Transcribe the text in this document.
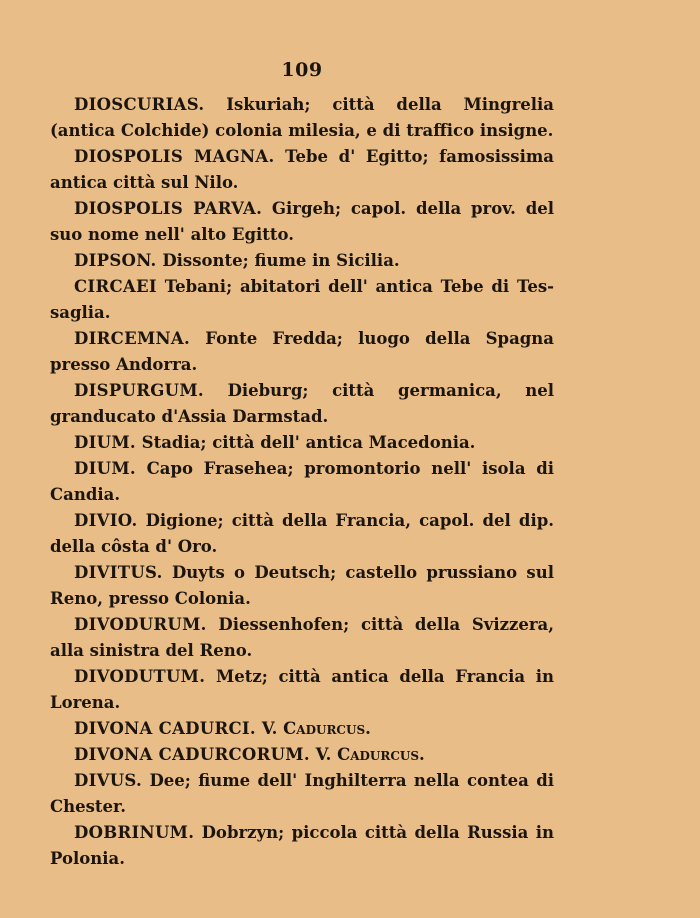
109

DIOSCURIAS. Iskuriah; città della Mingrelia (antica Colchide) colonia milesia, e di traffico insigne.

DIOSPOLIS MAGNA. Tebe d' Egitto; famosissima antica città sul Nilo.

DIOSPOLIS PARVA. Girgeh; capol. della prov. del suo nome nell' alto Egitto.

DIPSON. Dissonte; fiume in Sicilia.

CIRCAEI Tebani; abitatori dell' antica Tebe di Tessaglia.

DIRCEMNA. Fonte Fredda; luogo della Spagna presso Andorra.

DISPURGUM. Dieburg; città germanica, nel granducato d'Assia Darmstad.

DIUM. Stadia; città dell' antica Macedonia.

DIUM. Capo Frasehea; promontorio nell' isola di Candia.

DIVIO. Digione; città della Francia, capol. del dip. della côsta d' Oro.

DIVITUS. Duyts o Deutsch; castello prussiano sul Reno, presso Colonia.

DIVODURUM. Diessenhofen; città della Svizzera, alla sinistra del Reno.

DIVODUTUM. Metz; città antica della Francia in Lorena.

DIVONA CADURCI. V. Cadurcus.

DIVONA CADURCORUM. V. Cadurcus.

DIVUS. Dee; fiume dell' Inghilterra nella contea di Chester.

DOBRINUM. Dobrzyn; piccola città della Russia in Polonia.
